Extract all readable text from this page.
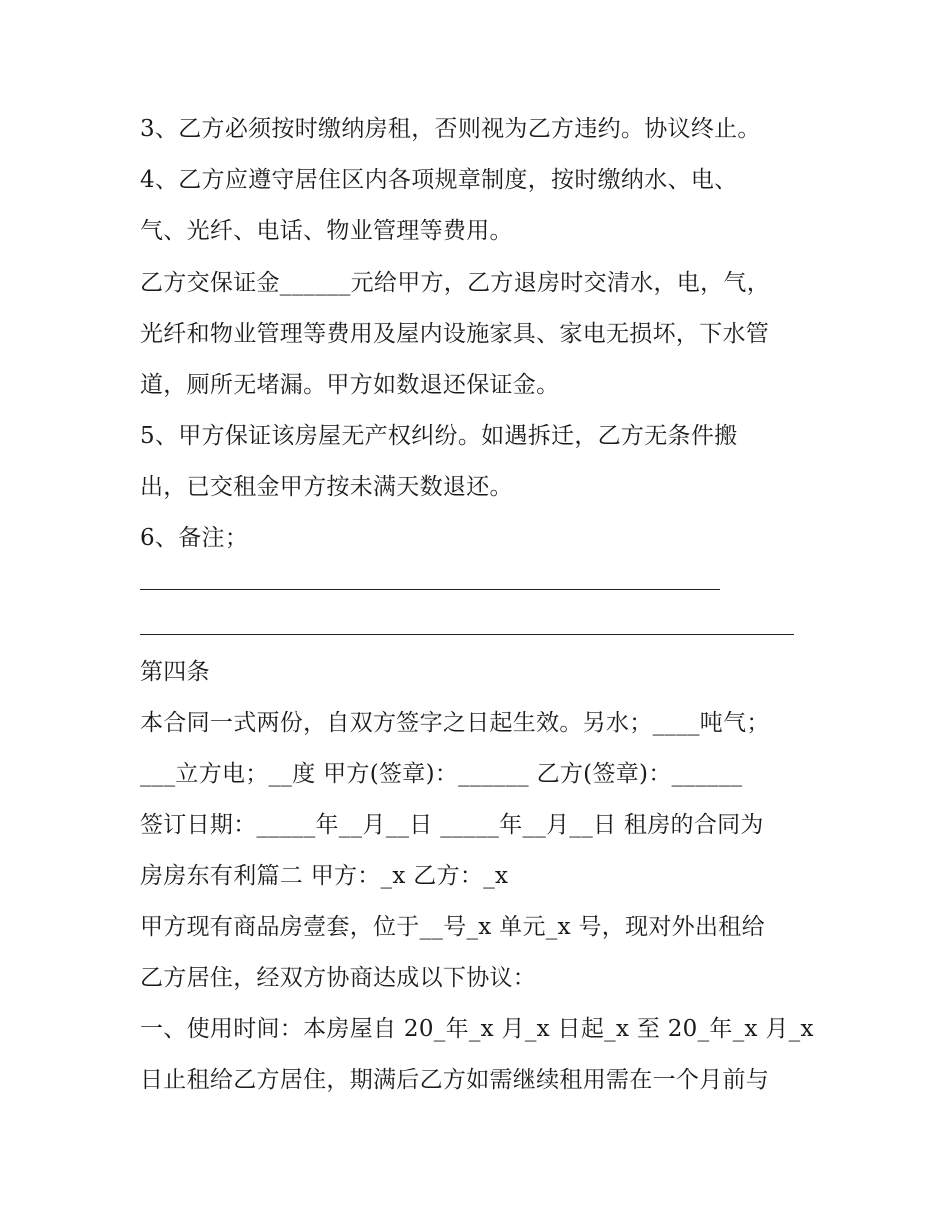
3、乙方必须按时缴纳房租，否则视为乙方违约。协议终止。
4、乙方应遵守居住区内各项规章制度，按时缴纳水、电、
气、光纤、电话、物业管理等费用。
乙方交保证金______元给甲方，乙方退房时交清水，电，气，
光纤和物业管理等费用及屋内设施家具、家电无损坏，下水管
道，厕所无堵漏。甲方如数退还保证金。
5、甲方保证该房屋无产权纠纷。如遇拆迁，乙方无条件搬
出，已交租金甲方按未满天数退还。
6、备注；
第四条
本合同一式两份，自双方签字之日起生效。另水；____吨气；
___立方电；__度 甲方(签章)：______ 乙方(签章)：______
签订日期：_____年__月__日 _____年__月__日 租房的合同为
房房东有利篇二 甲方：_x 乙方：_x
甲方现有商品房壹套，位于__号_x 单元_x 号，现对外出租给
乙方居住，经双方协商达成以下协议：
一、使用时间：本房屋自 20_年_x 月_x 日起_x 至 20_年_x 月_x
日止租给乙方居住，期满后乙方如需继续租用需在一个月前与
